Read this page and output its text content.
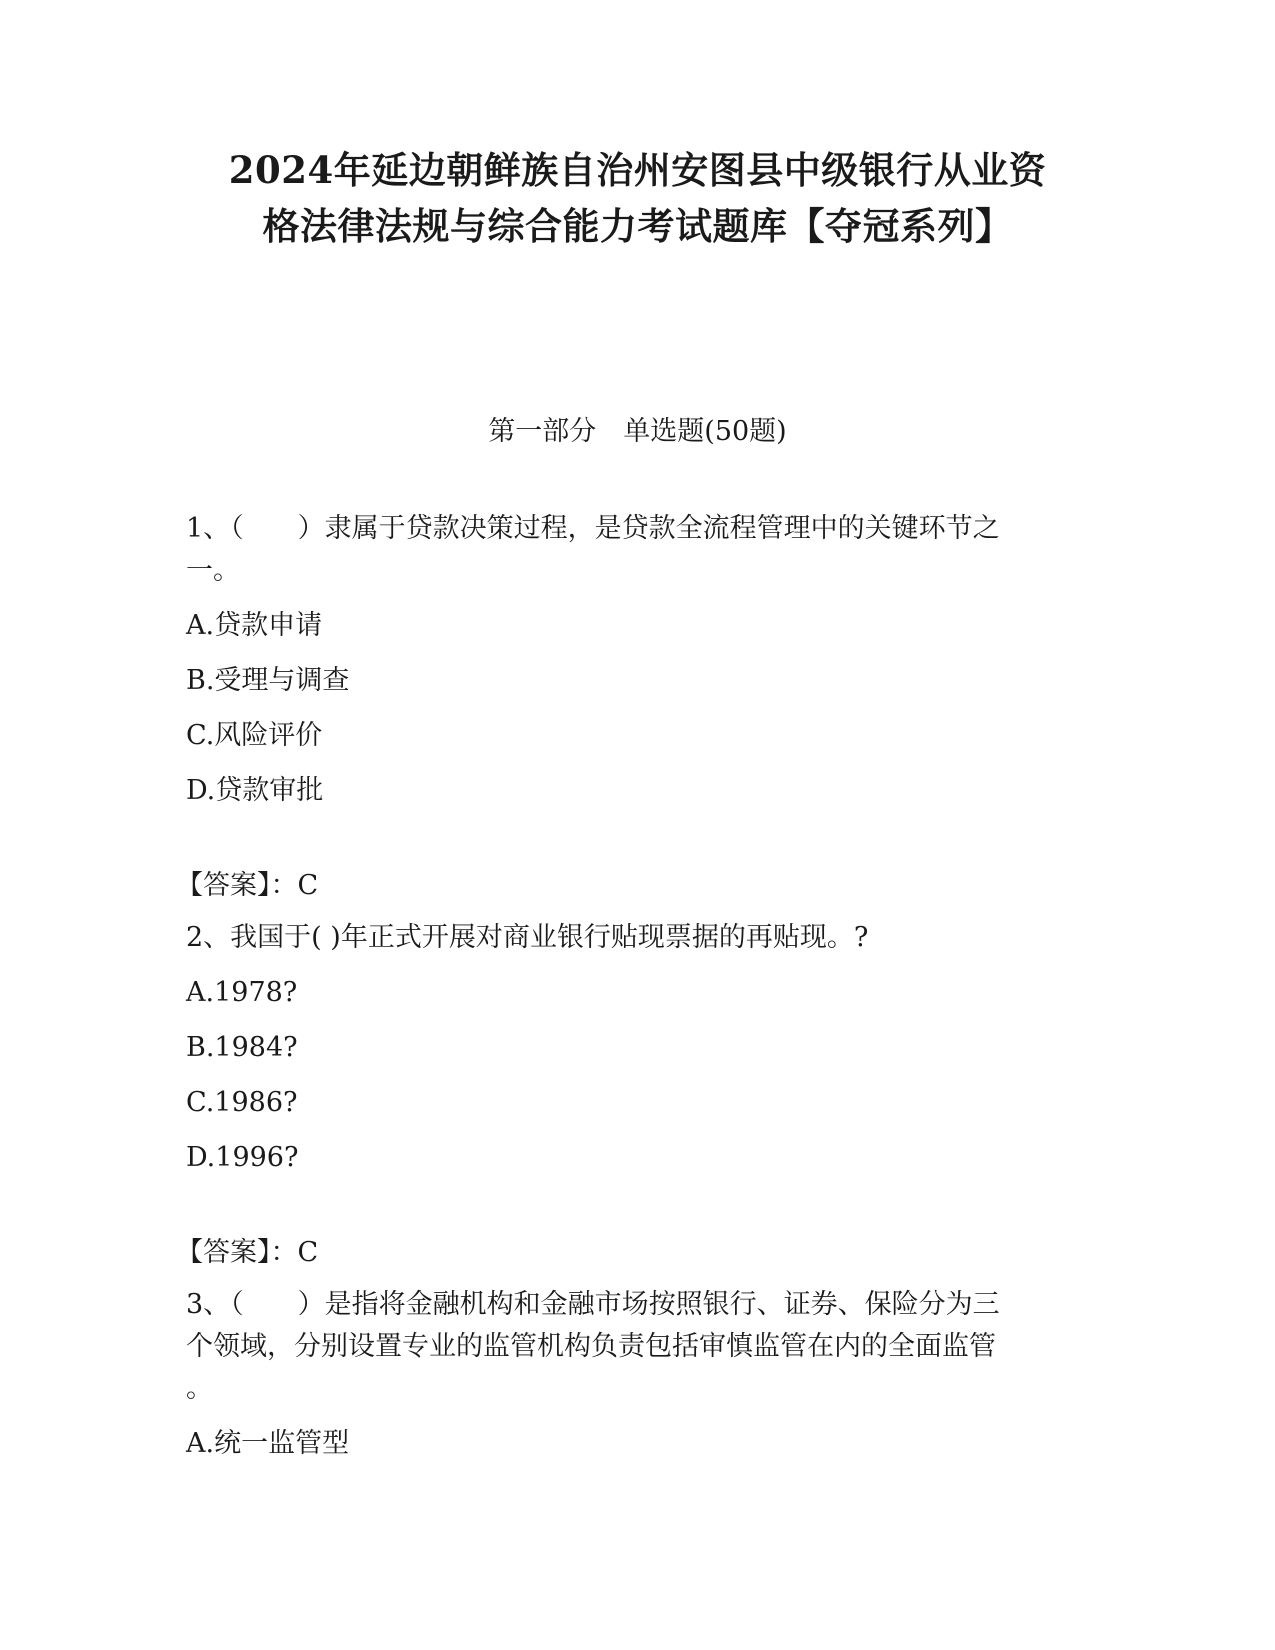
2024年延边朝鲜族自治州安图县中级银行从业资
格法律法规与综合能力考试题库【夺冠系列】
第一部分　单选题(50题)
1、（　　）隶属于贷款决策过程，是贷款全流程管理中的关键环节之
一。
A.贷款申请
B.受理与调查
C.风险评价
D.贷款审批
【答案】：C
2、我国于( )年正式开展对商业银行贴现票据的再贴现。?
A.1978?
B.1984?
C.1986?
D.1996?
【答案】：C
3、（　　）是指将金融机构和金融市场按照银行、证券、保险分为三
个领域，分别设置专业的监管机构负责包括审慎监管在内的全面监管
。
A.统一监管型
